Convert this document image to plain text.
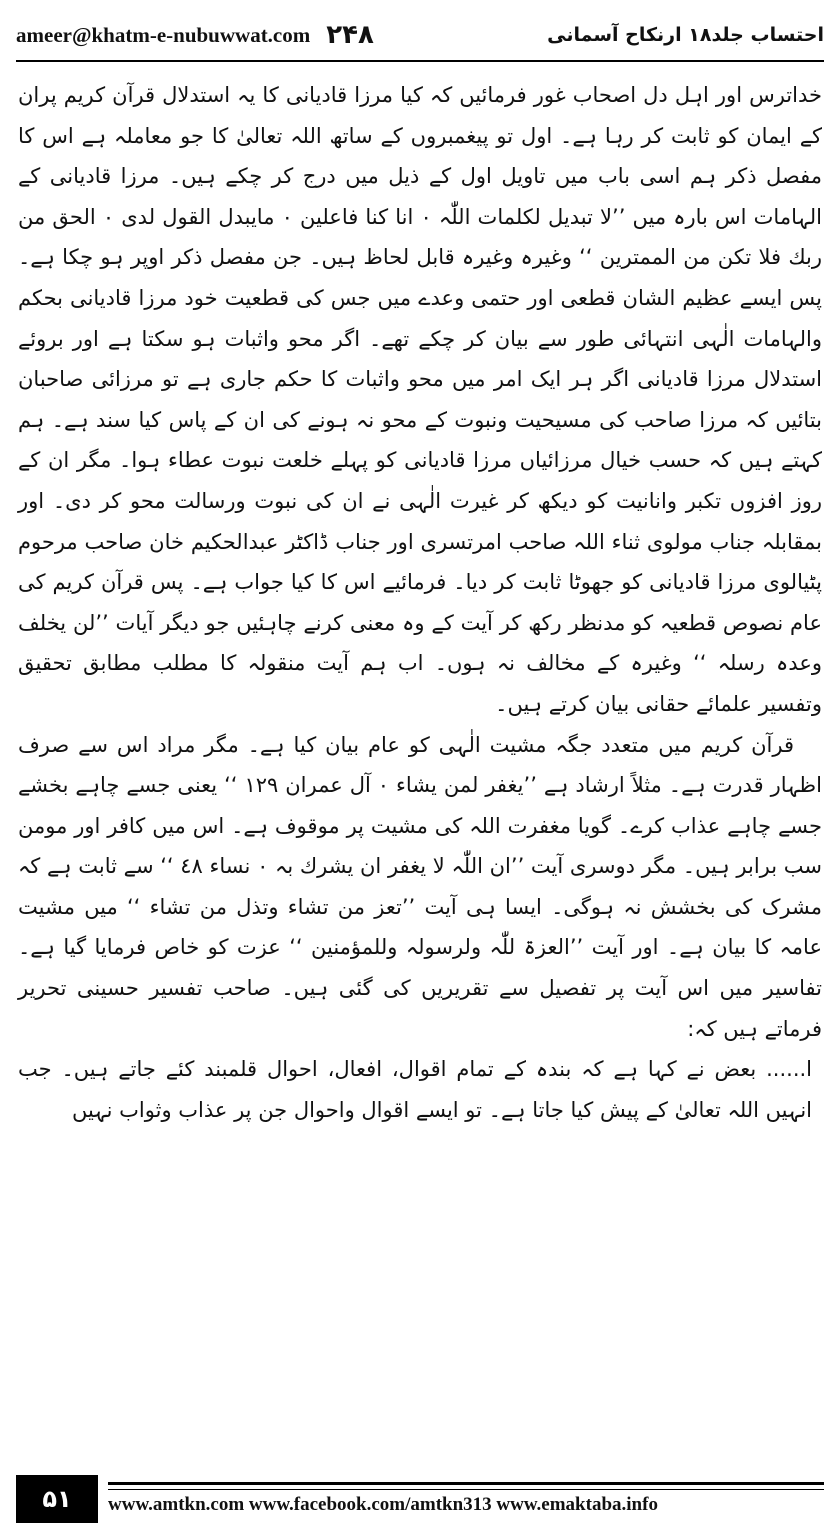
ameer@khatm-e-nubuwwat.com ۲۴۸	احتساب جلد۱۸ ارنکاح آسمانی

خداترس اور اہل دل اصحاب غور فرمائیں کہ کیا مرزا قادیانی کا یہ استدلال قرآن کریم پران کے ایمان کو ثابت کر رہا ہے۔ اول تو پیغمبروں کے ساتھ اللہ تعالیٰ کا جو معاملہ ہے اس کا مفصل ذکر ہم اسی باب میں تاویل اول کے ذیل میں درج کر چکے ہیں۔ مرزا قادیانی کے الہامات اس بارہ میں ’’لا تبدیل لکلمات اللّٰہ ۰ انا کنا فاعلین ۰ مایبدل القول لدی ۰ الحق من ربك فلا تکن من الممترین ‘‘ وغیرہ وغیرہ قابل لحاظ ہیں۔ جن مفصل ذکر اوپر ہو چکا ہے۔ پس ایسے عظیم الشان قطعی اور حتمی وعدے میں جس کی قطعیت خود مرزا قادیانی بحکم والہامات الٰہی انتہائی طور سے بیان کر چکے تھے۔ اگر محو واثبات ہو سکتا ہے اور بروئے استدلال مرزا قادیانی اگر ہر ایک امر میں محو واثبات کا حکم جاری ہے تو مرزائی صاحبان بتائیں کہ مرزا صاحب کی مسیحیت ونبوت کے محو نہ ہونے کی ان کے پاس کیا سند ہے۔ ہم کہتے ہیں کہ حسب خیال مرزائیاں مرزا قادیانی کو پہلے خلعت نبوت عطاء ہوا۔ مگر ان کے روز افزوں تکبر وانانیت کو دیکھ کر غیرت الٰہی نے ان کی نبوت ورسالت محو کر دی۔ اور بمقابلہ جناب مولوی ثناء اللہ صاحب امرتسری اور جناب ڈاکٹر عبدالحکیم خان صاحب مرحوم پٹیالوی مرزا قادیانی کو جھوٹا ثابت کر دیا۔ فرمائیے اس کا کیا جواب ہے۔ پس قرآن کریم کی عام نصوص قطعیہ کو مدنظر رکھ کر آیت کے وہ معنی کرنے چاہئیں جو دیگر آیات ’’لن یخلف وعدہ رسلہ ‘‘ وغیرہ کے مخالف نہ ہوں۔ اب ہم آیت منقولہ کا مطلب مطابق تحقیق وتفسیر علمائے حقانی بیان کرتے ہیں۔

قرآن کریم میں متعدد جگہ مشیت الٰہی کو عام بیان کیا ہے۔ مگر مراد اس سے صرف اظہار قدرت ہے۔ مثلاً ارشاد ہے ’’یغفر لمن یشاء ۰ آل عمران ۱۲۹ ‘‘ یعنی جسے چاہے بخشے جسے چاہے عذاب کرے۔ گویا مغفرت اللہ کی مشیت پر موقوف ہے۔ اس میں کافر اور مومن سب برابر ہیں۔ مگر دوسری آیت ’’ان اللّٰہ لا یغفر ان یشرك بہ ۰ نساء ٤٨ ‘‘ سے ثابت ہے کہ مشرک کی بخشش نہ ہوگی۔ ایسا ہی آیت ’’تعز من تشاء وتذل من تشاء ‘‘ میں مشیت عامہ کا بیان ہے۔ اور آیت ’’العزۃ للّٰہ ولرسولہ وللمؤمنین ‘‘ عزت کو خاص فرمایا گیا ہے۔ تفاسیر میں اس آیت پر تفصیل سے تقریریں کی گئی ہیں۔ صاحب تفسیر حسینی تحریر فرماتے ہیں کہ:

ا...... بعض نے کہا ہے کہ بندہ کے تمام اقوال، افعال، احوال قلمبند کئے جاتے ہیں۔ جب انہیں اللہ تعالیٰ کے پیش کیا جاتا ہے۔ تو ایسے اقوال واحوال جن پر عذاب وثواب نہیں

۵۱	www.amtkn.com www.facebook.com/amtkn313 www.emaktaba.info
